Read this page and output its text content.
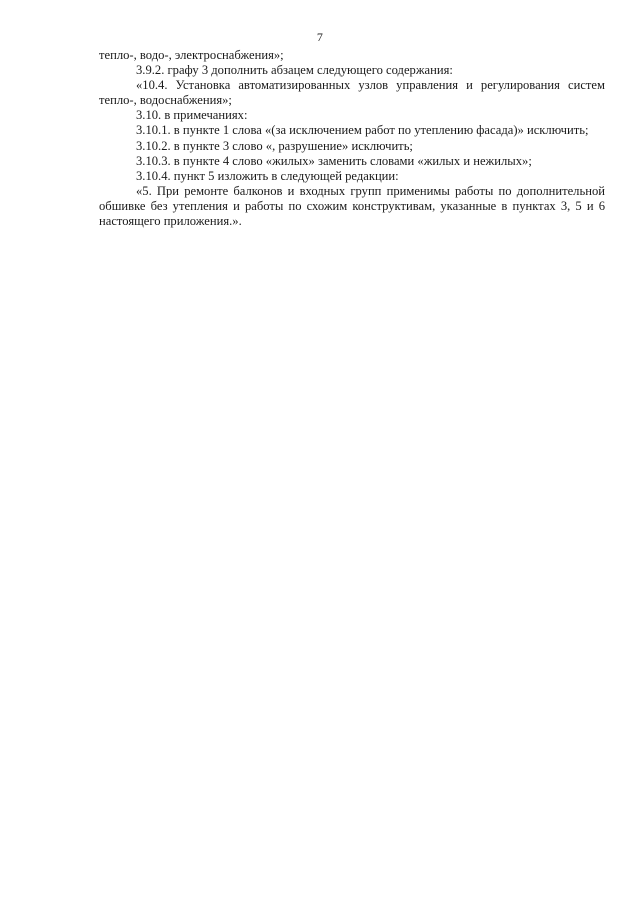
7

тепло-, водо-, электроснабжения»;

3.9.2. графу 3 дополнить абзацем следующего содержания:

«10.4. Установка автоматизированных узлов управления и регулирования систем тепло-, водоснабжения»;

3.10. в примечаниях:

3.10.1. в пункте 1 слова «(за исключением работ по утеплению фасада)» исключить;

3.10.2. в пункте 3 слово «, разрушение» исключить;

3.10.3. в пункте 4 слово «жилых» заменить словами «жилых и нежилых»;

3.10.4. пункт 5 изложить в следующей редакции:

«5. При ремонте балконов и входных групп применимы работы по дополнительной обшивке без утепления и работы по схожим конструктивам, указанные в пунктах 3, 5 и 6 настоящего приложения.».
